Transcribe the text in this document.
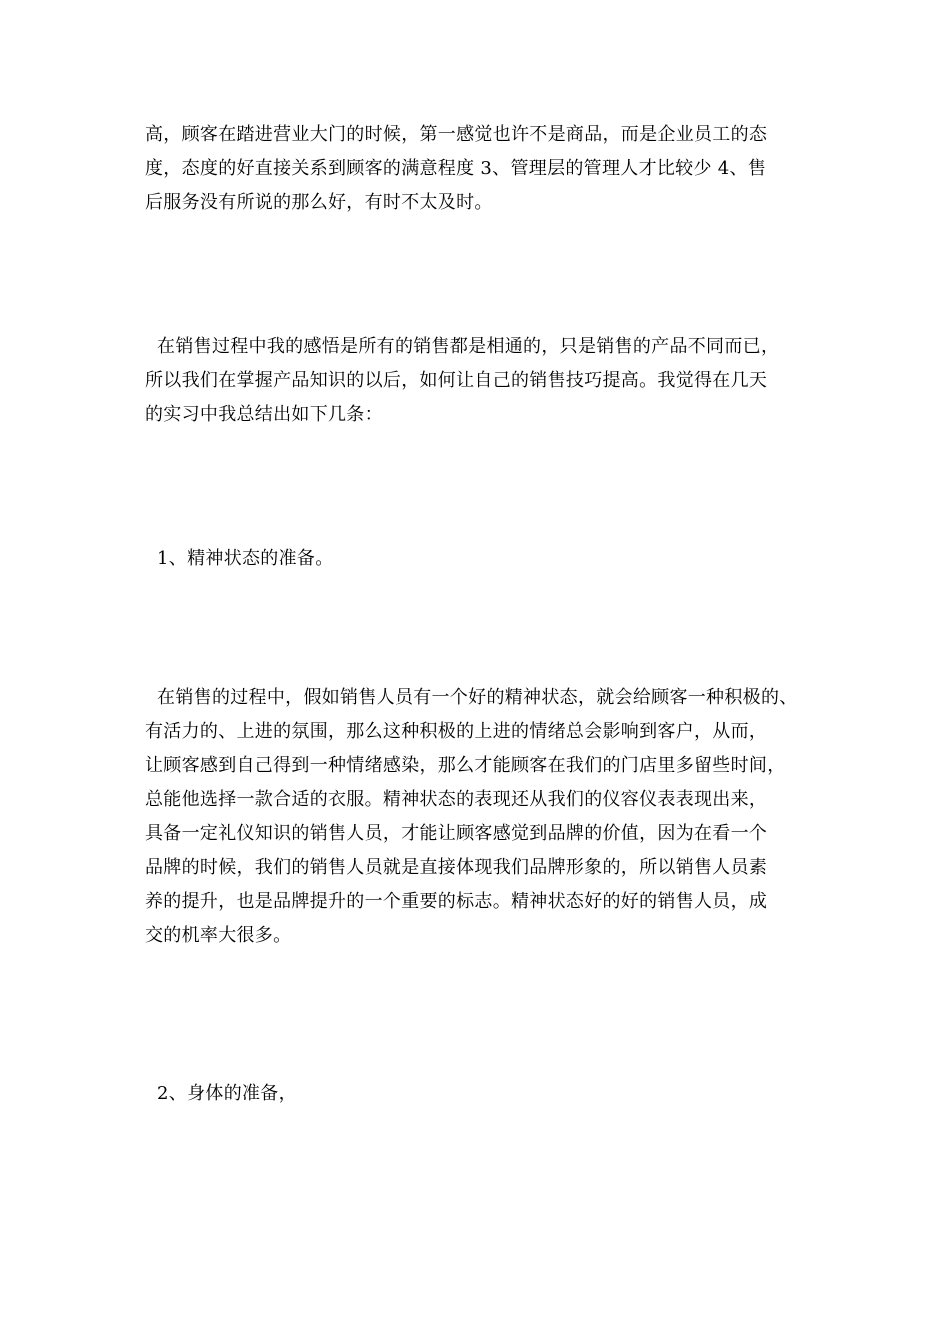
高，顾客在踏进营业大门的时候，第一感觉也许不是商品，而是企业员工的态
度，态度的好直接关系到顾客的满意程度 3、管理层的管理人才比较少 4、售
后服务没有所说的那么好，有时不太及时。
在销售过程中我的感悟是所有的销售都是相通的，只是销售的产品不同而已，
所以我们在掌握产品知识的以后，如何让自己的销售技巧提高。我觉得在几天
的实习中我总结出如下几条：
1、精神状态的准备。
在销售的过程中，假如销售人员有一个好的精神状态，就会给顾客一种积极的、
有活力的、上进的氛围，那么这种积极的上进的情绪总会影响到客户，从而，
让顾客感到自己得到一种情绪感染，那么才能顾客在我们的门店里多留些时间，
总能他选择一款合适的衣服。精神状态的表现还从我们的仪容仪表表现出来，
具备一定礼仪知识的销售人员，才能让顾客感觉到品牌的价值，因为在看一个
品牌的时候，我们的销售人员就是直接体现我们品牌形象的，所以销售人员素
养的提升，也是品牌提升的一个重要的标志。精神状态好的好的销售人员，成
交的机率大很多。
2、身体的准备，
